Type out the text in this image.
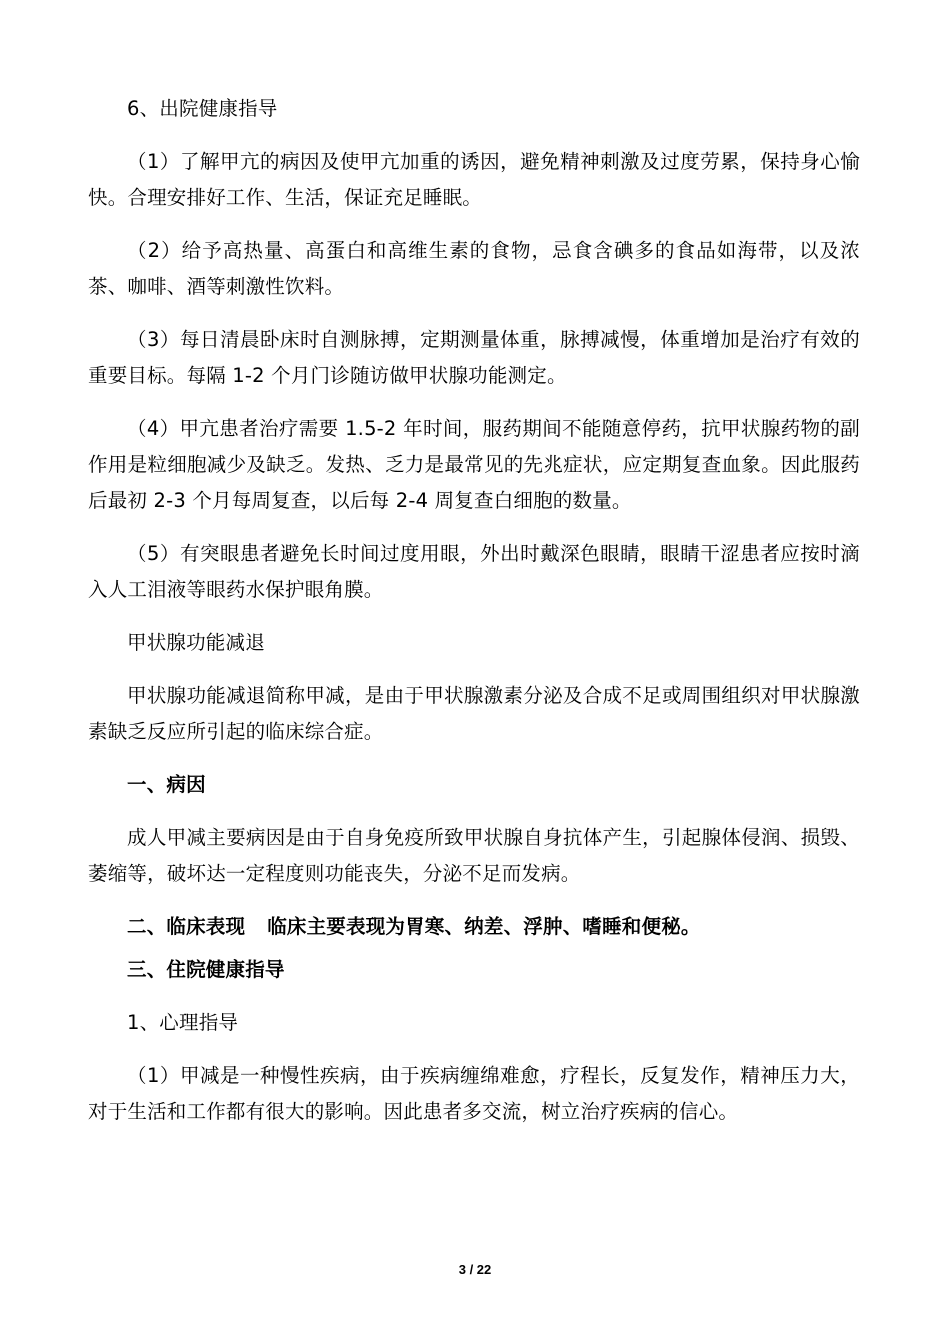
6、出院健康指导

（1）了解甲亢的病因及使甲亢加重的诱因，避免精神刺激及过度劳累，保持身心愉快。合理安排好工作、生活，保证充足睡眠。

（2）给予高热量、高蛋白和高维生素的食物，忌食含碘多的食品如海带，以及浓茶、咖啡、酒等刺激性饮料。

（3）每日清晨卧床时自测脉搏，定期测量体重，脉搏减慢，体重增加是治疗有效的重要目标。每隔 1-2 个月门诊随访做甲状腺功能测定。

（4）甲亢患者治疗需要 1.5-2 年时间，服药期间不能随意停药，抗甲状腺药物的副作用是粒细胞减少及缺乏。发热、乏力是最常见的先兆症状，应定期复查血象。因此服药后最初 2-3 个月每周复查，以后每 2-4 周复查白细胞的数量。

（5）有突眼患者避免长时间过度用眼，外出时戴深色眼睛，眼睛干涩患者应按时滴入人工泪液等眼药水保护眼角膜。

甲状腺功能减退

甲状腺功能减退简称甲减，是由于甲状腺激素分泌及合成不足或周围组织对甲状腺激素缺乏反应所引起的临床综合症。

一、病因

成人甲减主要病因是由于自身免疫所致甲状腺自身抗体产生，引起腺体侵润、损毁、萎缩等，破坏达一定程度则功能丧失，分泌不足而发病。

二、临床表现 临床主要表现为胃寒、纳差、浮肿、嗜睡和便秘。

三、住院健康指导

1、心理指导

（1）甲减是一种慢性疾病，由于疾病缠绵难愈，疗程长，反复发作，精神压力大，对于生活和工作都有很大的影响。因此患者多交流，树立治疗疾病的信心。

3 / 22
